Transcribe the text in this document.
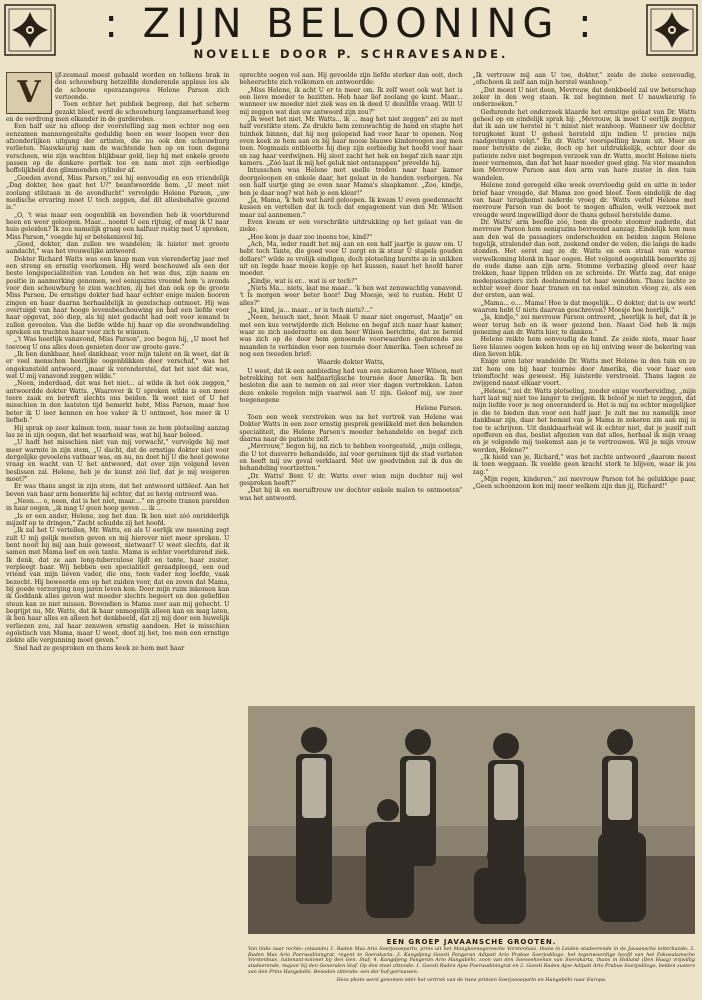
: ZIJN BELOONING :
NOVELLE DOOR P. SCHRAVESANDE.
V	ijf-zesmaal moest gehaald worden en telkens brak in den schouwburg hetzelfde donderende applaus los als de schoone operazangeres Helene Parson zich vertoonde.

Toen echter het publiek begreep, dat het scherm gezakt bleef, werd de schouwburg langzamerhand leeg en de verdrong men elkander in de garderobes.

Een half uur na afloop der voorstelling zag men echter nog een eenzamen mannengestalte geduldig heen en weer loopen voor den afzonderlijken uitgang der artisten, die nu ook den schouwburg verlieten. Nauwkeurig nam de wachtende hen op en toen degene verscheen, wie zijn wachten blijkbaar gold, liep hij met enkele groote passen op de donkere portiek toe en nam met zijn eerbiedige hoffelijkheid den glimmenden cylinder af.

„Goeden avond, Miss Parson," zei hij eenvoudig en een vriendelijk „Dag dokter, hoe gaat het U?" beantwoordde hem. „U moet niet zoolang stilstaan in de avondlucht" vervolgde Helene Parson, „uw medische ervaring moet U toch zeggen, dat dit allesbehalve gezond is."

„O, 't was maar een oogenblik en bovendien heb ik voortdurend heen en weer geloopen. Maar... noemt U een rijtuig, of mag ik U naar huis geleiden? Ik zou namelijk graag een halfuur rustig met U spreken, Miss Parson," voegde hij er betekenisvol bij.

„Goed, dokter, dan zullen we wandelen; ik luister met groote aandacht," was het vrouwelijke antwoord.

Dokter Richard Watts was een knap man van vierendertig jaar met een streng en ernstig voorkomen. Hij werd beschouwd als een der beste longspecialiteiten van Londen en het was dus, zijn naam en positie in aanmerking genomen, wel eenigszins vreemd hem 's avonds voor den schouwburg te zien wachten, zij het dan ook op de groote Miss Parson. De ernstige dokter had haar echter enige malen hooren zingen en haar daarna herhaaldelijk in gezelschap ontmoet. Hij was overtuigd van haar hooge levensbeschouwing en had een liefde voor haar opgevat, zóó diep, als hij niet gedacht had ooit voor iemand te zullen gevoelen. Van die liefde wilde hij haar op die avondwandeling spreken en trachten haar voor zich te winnen.

„'t Was heerlijk vanavond, Miss Parson", zoo begon hij, „U moet het toevoeg U ons alles doen genieten door uw groote gave."

„Ik ben dankbaar, heel dankbaar, voor mijn talent en ik weet, dat ik er veel menschen heerlijke oogenblikken door verschaf," was het ongekunsteld antwoord, „maar ik veronderstel, dat het niet dát was, wat U mij vanavond zeggen wilde."

„Neen, inderdaad, dat was het niet... al wilde ik het óók zeggen," antwoordde dokter Watts. „Waarover ik U spreken wilde is een meer teere zaak en betreft slechts ons beiden. Ik weet niet of U het misschien in den laatsten tijd bemerkt hebt, Miss Parson, maar hoe beter ik U leer kennen en hoe vaker ik U ontmoet, hoe meer ik U liefheb."

Hij sprak op zeer kalmen toon, maar toen ze hem plotseling aanzag las ze in zijn oogen, dat het waarheid was, wat hij haar beleed.

„U hadt het misschien niet van mij verwacht," vervolgde hij met meer warmte in zijn stem, „U dacht, dat de ernstige dokter niet voor dergelijke gevoelens vatbaar was, en nu, nu doet hij U die heel gewone vraag en wacht van U het antwoord, dat over zijn volgend leven beslissen zal. Helene, heb je de kunst zóó lief, dat je mij weigeren moet?"

Er was thans angst in zijn stem, dat het antwoord uitbleef. Aan het beven van haar arm bemerkte hij echter, dat ze hevig ontroerd was.

„Neen.... o, neen, dat is het niet, maar...." en groote tranen parelden in haar oogen, „ik mag U geen hoop geven ... ik ...

„Is er een ander, Helene, zeg het dan. Ik ben niet zóó onridderlijk mijzelf op te dringen," Zacht schudde zij het hoofd.

„Ik zal het U vertellen, Mr. Watts, en als U eerlijk uw meening zegt zult U mij gelijk moeten geven en mij hierover niet meer spreken. U bent nooit bij mij aan huis geweest, nietwaar? U weet slechts, dat ik samen met Mama leef en een tante. Mama is echter voortdurend ziek. Ik denk, dat ze aan long-tuberculose lijdt en tante, haar zuster, verpleegt haar. Wij hebben een specialiteit geraadpleegd, een oud vriend van mijn lieven vader, die ons, toen vader nog leefde, vaak bezocht. Hij beweerde ons op het zuiden voor, dat en zeven dat Mama, bij goede verzorging nog jaren leven kon. Door mijn ruim inkomen kan ik Goddank alles geven wat moeder slechts begeert en den geliefden steun kan ze niet missen. Bovendien is Mama zeer aan mij gehecht. U begrijpt nu, Mr. Watts, dat ik haar onmogelijk alleen kan en mag laten, ik ben haar alles en alleen het denkbeeld, dat zij mij door een huwelijk verliezen zou, zal haar zenuwen ernstig aandoen. Het is misschien egoïstisch van Mama, maar U weet, doet zij het, toe men een ernstige ziekte alle vergunning moet geven."

Snel had ze gesproken en thans keek ze hem met haar

oprechte oogen vol aan. Hij gevoelde zijn liefde sterker dan ooit, doch beheerschte zich volkomen en antwoordde:

„Miss Helene, ik acht U er te meer om. Ik zelf weet ook wat het is een lieve moeder te bezitten. Heb haar lief zoolang ge kunt. Maar... wanneer uw moeder niet ziek was en ik deed U dezelfde vraag. Wilt U mij zeggen wat dan uw antwoord zijn zou?"

„Ik weet het niet, Mr. Watts... ik ... mag het niet zeggen" zei ze met half verstikte stem. Ze drukte hem zenuwachtig de hand en stapte het tuinhek binnen, dat hij nog geïopend had voor haar te openen. Nog even keek ze hem aan en bij haar mooie blauwe kinderoogen zag men toen. Nogmaals ontblootte hij diep zijn eerbiedig het hoofd voor haar en zag haar verdwijnen. Hij sloot zacht het hek en begaf zich naar zijn kamers. „Zóó laat ik mij het geluk niet ontsnappen" prevelde hij.

Intusschen was Helene met snelle treden naar haar kamer doorgeloopen en enkele daar, het gelaat in de handen verborgen. Na een half uurtje ging ze even naar Mama's slaapkamer. „Zoo, kindje, ben je daar nog? wat heb je een kleur!"

„Ja, Mama, 'k heb wat hard geloopen. Ik kwam U even goedennacht kussen en vertellen dat ik toch dat engagement van den Mr. Wilson maar zal aannemen."

Even kwam er een verschrikte uitdrukking op het gelaat van de zieke.

„Hoe kom je daar zoo ineens toe, kind?"

„Ach, Ma, ieder raadt het mij aan en een half jaartje is gauw om. U hebt toch Tante, die goed voor U zorgt en ik stuur U stapels gouden dollars!" wilde ze vrolijk eindigen, doch plotseling barstte ze in snikken uit en legde haar mooie kopje op het kussen, naast het hoofd harer moeder.

„Kindje, wat is er... wat is er toch?"

„Niets Ma... niets, laat me maar... 'k ben wat zenuwachtig vanavond. 't Is morgen weer beter hoor! Dag Moesje, wel te rusten. Hebt U alles?"

„Ja, kind, ja... maar... er is toch niets?..."

„Neen, heusch niet, hoor. Maak U maar niet ongerust, Maatje" en met een kus verwijderde zich Helene en begaf zich naar haar kamer, waar ze zich nederzette en den heer Wilson berichtte, dat ze bereid was zich op de door hem genoemde voorwaarden gedurende zes maanden te verbinden voor een tournée door Amerika. Toen schreef ze nog een tweeden brief:

Waarde dokter Watts,

U weet, dat ik een aanbieding had van een zekeren heer Wilson, met betrekking tot een halfjaarlijksche tournée door Amerika. Ik ben besloten die aan te nemen en zal over vier dagen vertrekken. Laten deze enkele regelen mijn vaarwel aan U zijn. Geloof mij, uw zeer toegenegene

Helene Parson.

Toen een week verstreken was na het vertrek van Helene was Dokter Watts in een zeer ernstig gesprek gewikkeld met den bekenden specialiteit, die Helene Parson's moeder behandelde en begaf zich daarna naar de patiente zelf.

„Mevrouw," begon hij, na zich te hebben voorgesteld, „mijn collega, die U tot dusverre behandelde, zal voor geruimen tijd de stad verlaten en heeft mij uw geval verklaard. Met uw goedvinden zal ik dus de behandeling voortzetten."

„Dr. Watts! Bent U dr. Watts over wien mijn dochter mij wel gesproken heeft?"

„Dat hij ik en meruiftrouw uw dochter enkele malen te ontmoeten" was het antwoord.

„Ik vertrouw mij aan U toe, dokter," zeide de zieke eenvoudig, „ofschoon ik zelf aan mijn herstel wanhoop."

„Dat moest U niet doen, Mevrouw, dat denkbeeld zal uw beterschap zeker in den weg staan. Ik zal beginnen met U nauwkeurig te onderzoeken."

Gedurende het onderzoek klaarde het ernstige gelaat van Dr. Watts geheel op en eindelijk sprak hij: „Mevrouw, ik moet U eerlijk zeggen, dat ik aan uw herstel in 't minst niet wanhoop. Wanneer uw dochter terugkomt kunt U geheel hersteld zijn indien U precies mijn raadgevingen volgt." En dr. Watts' voorspelling kwam uit. Meer en meer betrekte de zieke, doch op het uitdrukkelijk, echter door de patiente zelve niet begrepen verzoek van dr. Watts, mocht Helene niets meer vernemen, dan dat het haar moeder goed ging. Na vier maanden kon Mevrouw Parson aan den arm van hare zuster in den tuin wandelen.

Helene zond geregeld elke week overvloedig geld en uitte in ieder brief haar vreugde, dat Mama zoo goed bleef. Toen eindelijk de dag van haar terugkomst naderde vroeg dr. Watts verlof Helene met mevrouw Parson van de boot te mogen afhalen, welk verzoek met vreugde werd ingewilligd door de thans geheel herstelde dame.

Dr. Watts' arm beefde zóó, toen de groote stoomer naderde, dat mevrouw Parson hem eenigszins bevreemd aanzag. Eindelijk kon men aan den wal de passagiers onderscheiden en beiden zagen Helene tegelijk, stralender dan ooit, zoekend onder de velen, die langs de kade stonden. Het eerst zag ze dr. Watts en een straal van warme verwelkoming blonk in haar oogen. Het volgend oogenblik bemerkte zij de oude dame aan zijn arm. Stomme verbazing gleed over haar trekken, haar lippen trilden en ze schreide. Dr. Watts zag, dat enige medepassagiers zich deelnemend tot haar wendden. Thans lachte ze echter weer door haar tranen en na enkel minuten vloog ze, als een der ersten, aan wal.

„Mama... o.... Mama! Hoe is dat mogelijk... O dokter, dat is uw werk! waarom hebt U niets daarvan geschreven? Moesje hoe heerlijk."

„Ja, kindje," zei mevrouw Parson ontroerd, „heerlijk is het, dat ik je weer terug heb en ik weer gezond ben. Naast God heb ik mijn genezing aan dr. Watts hier, te danken."

Helene reikte hem eenvoudig de hand. Ze zeide niets, maar haar lieve blauwe oogen keken hem op en hij ontving weer de bekoring van dien lieven blik.

Enige uren later wandelde Dr. Watts met Helene in den tuin en ze zat hem om bij haar tournée door Amerika, die voor haar een triomftocht was geweest. Hij luisterde verstrooid. Thans lagen ze zwijgend naast elkaar voort.

„Helene," zei dr. Watts plotseling, zonder enige voorbereiding, „mijn hart laat mij niet toe langer te zwijgen. Ik beloof je niet te zeggen, dat mijn liefde voor je nog onveranderd is. Het is mij nu echter mogelijker je die te bieden dan voor een half jaar. Je zult me nu namelijk zeer dankbaar zijn, daar het bemiel van je Mama in zekeren zin aan mij is toe te schrijven. Uit dankbaarheid wil ik echter niet, dat je jezelf zult opofferen en dus, beslist afgezien van dat alles, herhaal ik mijn vraag en je volgende mij toekomst aan je te vertrouwen. Wil je mijn vrouw worden, Helene?"

„Ik hield van je, Richard," was het zachte antwoord „daarom moest ik toen weggaan. Ik voelde geen kracht sterk te blijven, waar ik jou zag."

„Mijn regen, kinderen," zei mevrouw Parson tot he gelukkige paar, „Geen schoonzoon kon mij meer welkom zijn dan jij, Richard!"

EEN GROEP JAVAANSCHE GROOTEN.

Van links naar rechts: (staande) 1. Raden Mas Ario Soerjosoeparto, prins uit het Mangkoenegorosche Vorstenhuis, thans in Leiden studeerende in de Javaansche letterkunde; 2. Raden Mas Ario Poerwadiningrat, regent te Soerakarta; 3. Kangdjeng Goesti Pangeran Adipati Ario Prabue Soerjodilogo, het tegenwoordige hoofd van het Pakoealamsche Vorstenhuis, luitenant-kolonel bij den Gen. Staf; 4. Kangdjeng Pangeran Ario Hangabéhi, zoon van den Soesoehoenan van Soerakarta, thans in Holland (Den Haag) vrijwillig studeerende, majoor bij den Generalen Staf. Op den stoel zittende: 1. Goesti Raden Ajoe Poerwadiningrat en 2. Goesti Raden Ajoe Adipati Ario Prabue Soerjodilogo, beiden zusters van den Prins Hangabéhi. Beneden zittende: een der hof-getrouwen.

Deze photo werd genomen ódór het vertrek van de twee prinsen Soerjosoeparto en Hangabéhi naar Europa.
